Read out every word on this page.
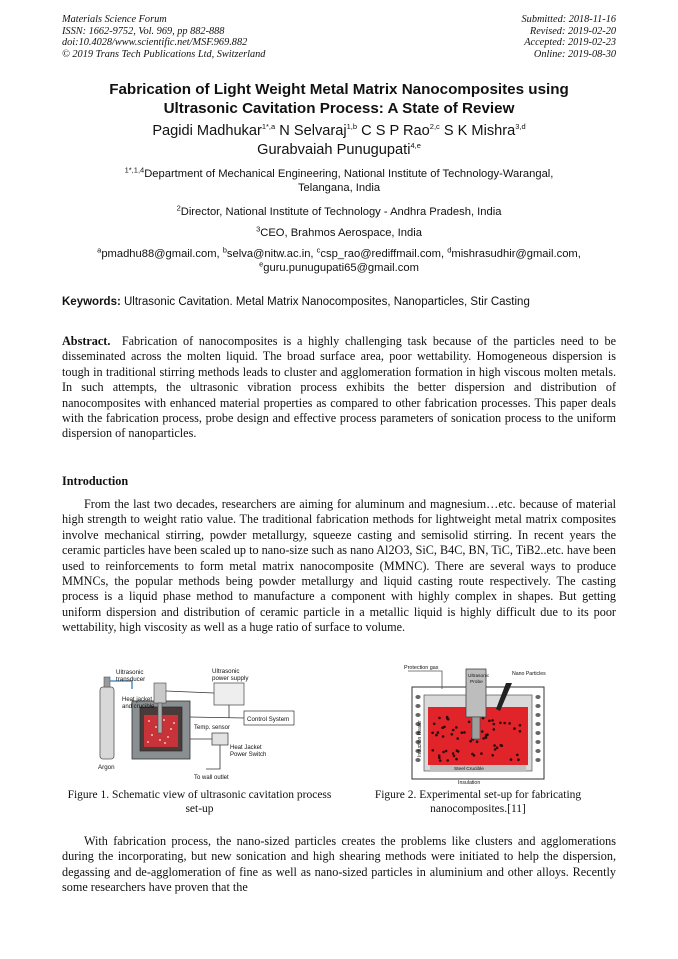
Materials Science Forum
ISSN: 1662-9752, Vol. 969, pp 882-888
doi:10.4028/www.scientific.net/MSF.969.882
© 2019 Trans Tech Publications Ltd, Switzerland
Submitted: 2018-11-16
Revised: 2019-02-20
Accepted: 2019-02-23
Online: 2019-08-30
Fabrication of Light Weight Metal Matrix Nanocomposites using
Ultrasonic Cavitation Process: A State of Review
Pagidi Madhukar$^{1*,a}$ N Selvaraj$^{1,b}$ C S P Rao$^{2,c}$ S K Mishra$^{3,d}$
Gurabvaiah Punugupati$^{4,e}$
$^{1*,1,4}$Department of Mechanical Engineering, National Institute of Technology-Warangal,
Telangana, India
$^2$Director, National Institute of Technology - Andhra Pradesh, India
$^3$CEO, Brahmos Aerospace, India
$^a$pmadhu88@gmail.com, $^b$selva@nitw.ac.in, $^c$csp_rao@rediffmail.com, $^d$mishrasudhir@gmail.com,
$^e$guru.punugupati65@gmail.com
Keywords: Ultrasonic Cavitation. Metal Matrix Nanocomposites, Nanoparticles, Stir Casting
Abstract. Fabrication of nanocomposites is a highly challenging task because of the particles need to be disseminated across the molten liquid. The broad surface area, poor wettability. Homogeneous dispersion is tough in traditional stirring methods leads to cluster and agglomeration formation in high viscous molten metals. In such attempts, the ultrasonic vibration process exhibits the better dispersion and distribution of nanocomposites with enhanced material properties as compared to other fabrication processes. This paper deals with the fabrication process, probe design and effective process parameters of sonication process to the uniform dispersion of nanoparticles.
Introduction
From the last two decades, researchers are aiming for aluminum and magnesium…etc. because of material high strength to weight ratio value. The traditional fabrication methods for lightweight metal matrix composites involve mechanical stirring, powder metallurgy, squeeze casting and semisolid stirring. In recent years the ceramic particles have been scaled up to nano-size such as nano Al2O3, SiC, B4C, BN, TiC, TiB2..etc. have been used to reinforcements to form metal matrix nanocomposite (MMNC). There are several ways to produce MMNCs, the popular methods being powder metallurgy and liquid casting route respectively. The casting process is a liquid phase method to manufacture a component with highly complex in shapes. But getting uniform dispersion and distribution of ceramic particle in a metallic liquid is highly difficult due to its poor wettability, high viscosity as well as a huge ratio of surface to volume.
Ultrasonic
transducer
Ultrasonic
power supply
Heat jacket
and crucible
Control System
Temp. sensor
Heat Jacket
Power Switch
Argon
To wall outlet
Protection gas
Ultrasonic
Probe
Nano Particles
Steel Crucible
Insulation
Induction Heater
Figure 1. Schematic view of ultrasonic cavitation process set-up
Figure 2. Experimental set-up for fabricating nanocomposites.[11]
With fabrication process, the nano-sized particles creates the problems like clusters and agglomerations during the incorporating, but new sonication and high shearing methods were initiated to help the dispersion, degassing and de-agglomeration of fine as well as nano-sized particles in aluminium and other alloys. Recently some researchers have proven that the
